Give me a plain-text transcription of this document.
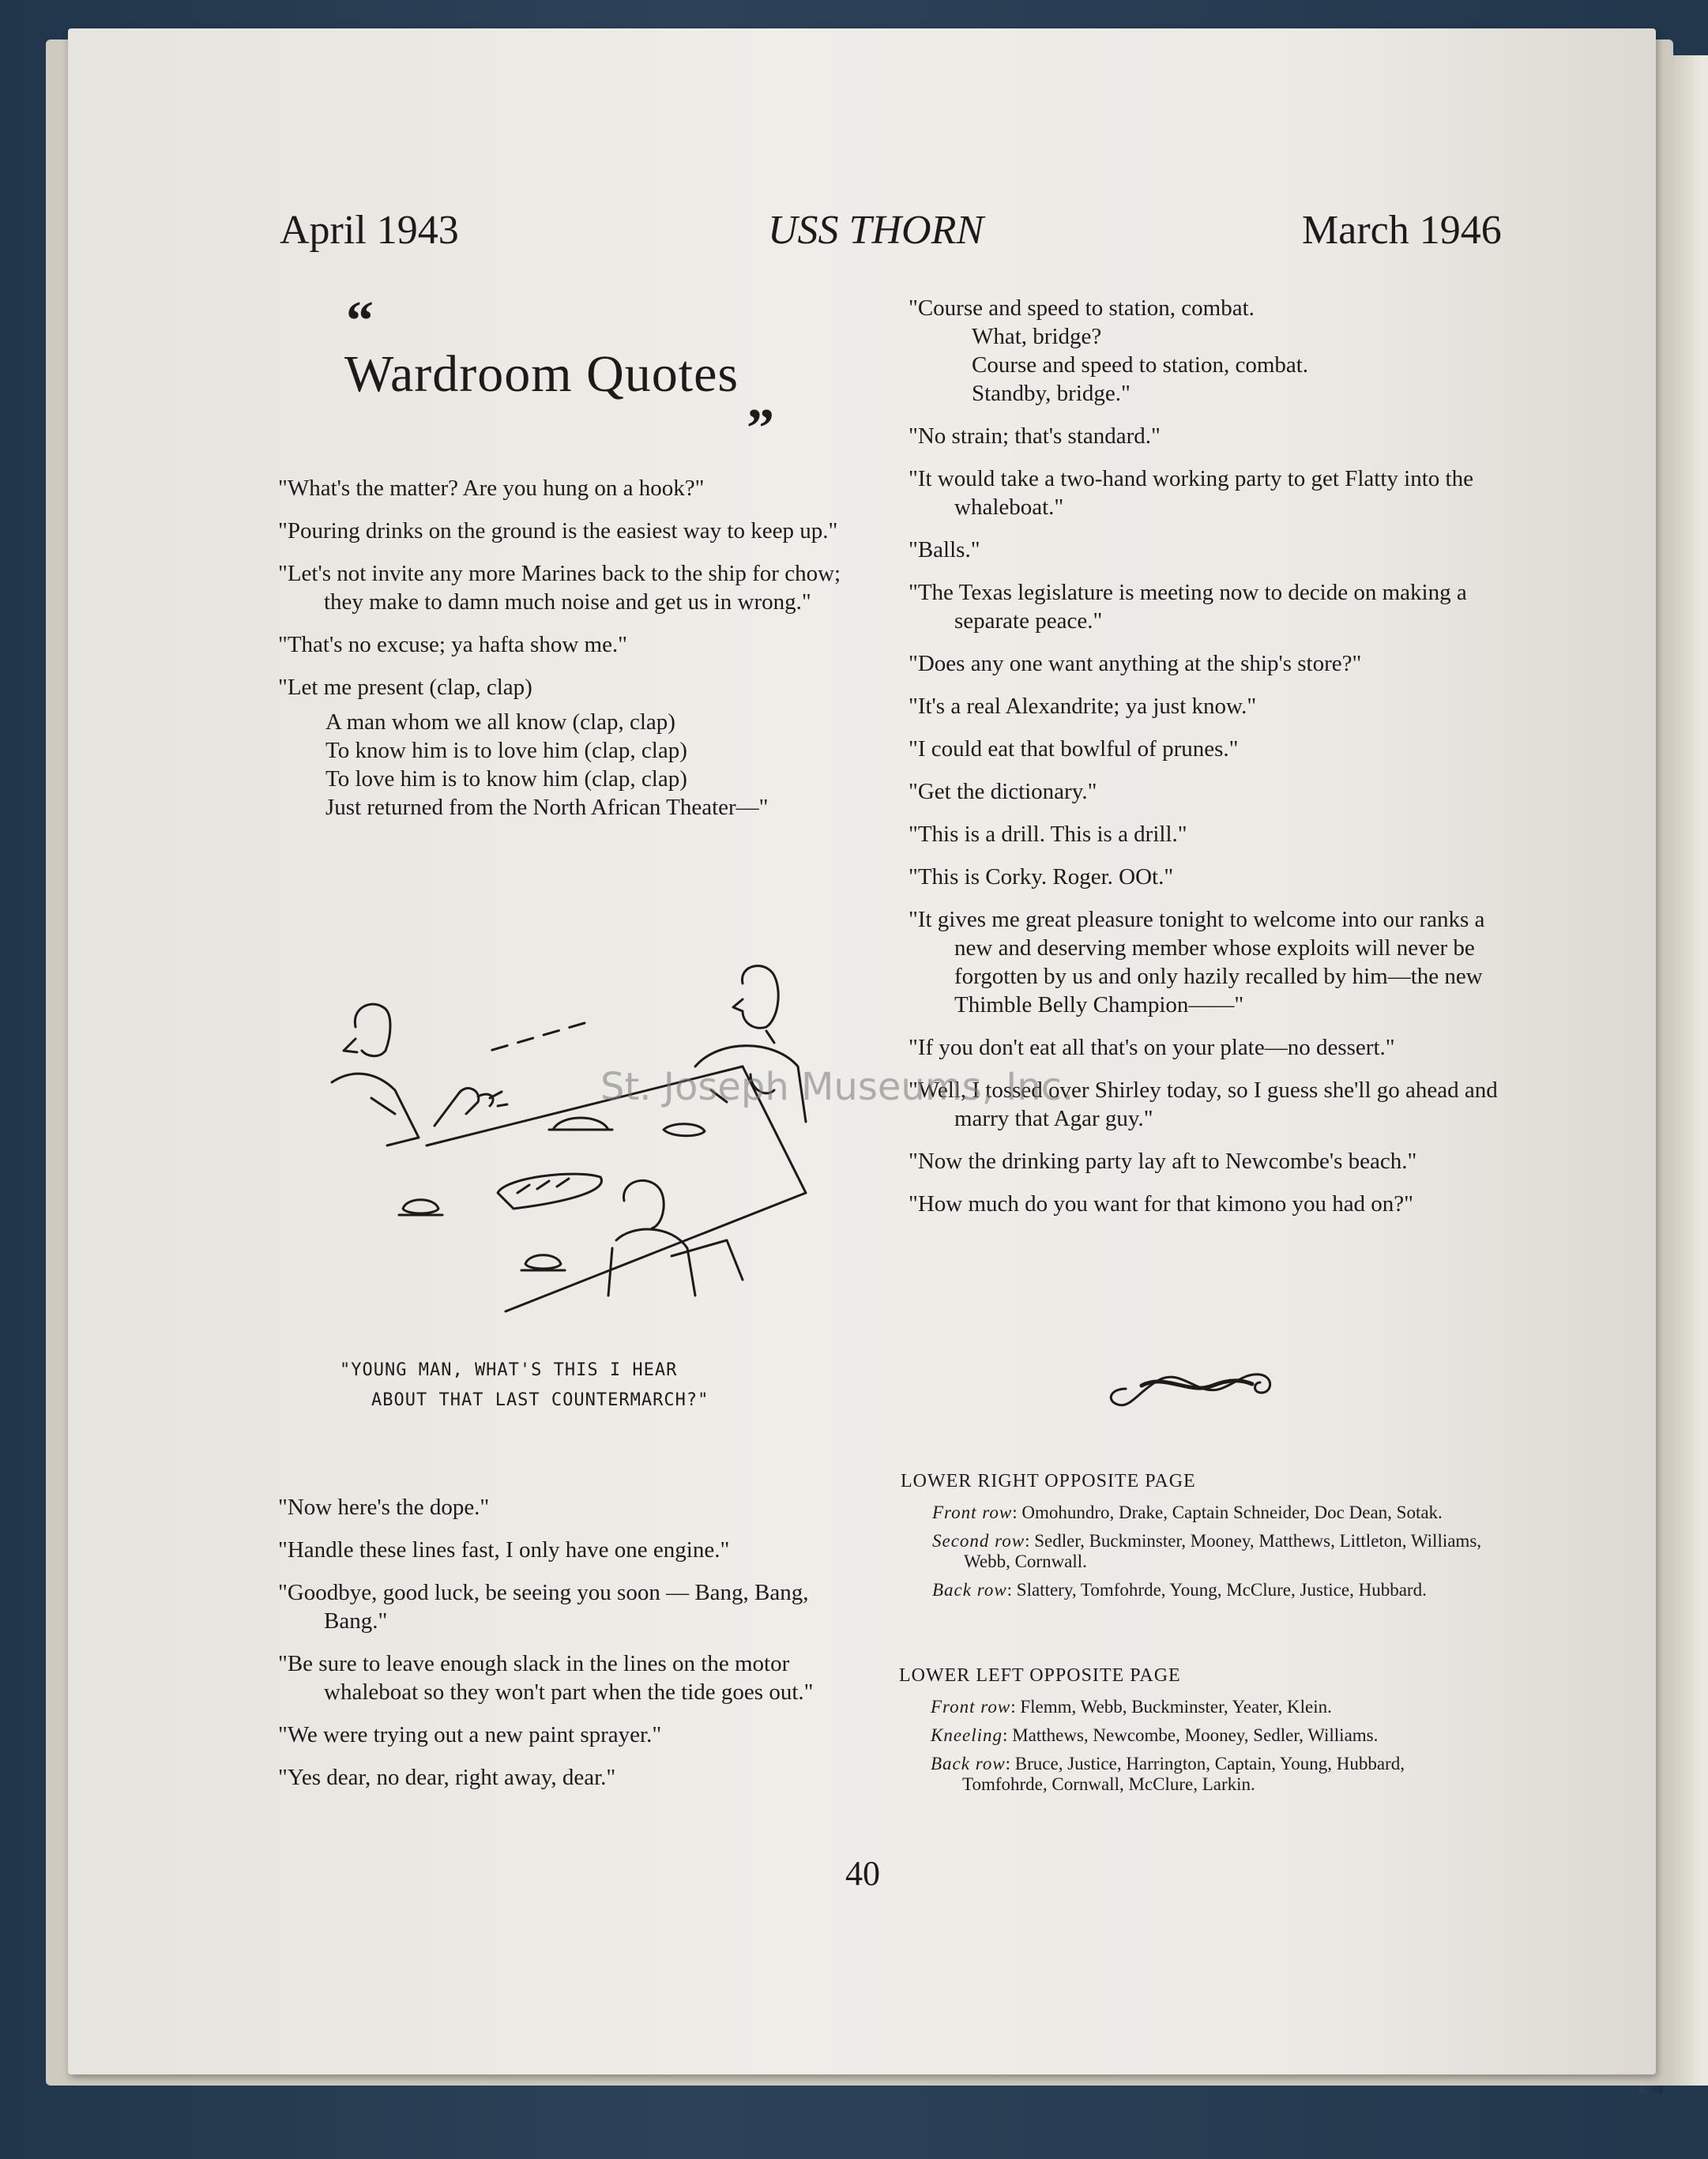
April 1943	USS THORN	March 1946
“
Wardroom Quotes
”

"What's the matter? Are you hung on a hook?"

"Pouring drinks on the ground is the easiest way to keep up."

"Let's not invite any more Marines back to the ship for chow; they make to damn much noise and get us in wrong."

"That's no excuse; ya hafta show me."

"Let me present (clap, clap)

A man whom we all know (clap, clap)
To know him is to love him (clap, clap)
To love him is to know him (clap, clap)
Just returned from the North African Theater—"
"YOUNG MAN, WHAT'S THIS I HEAR
ABOUT THAT LAST COUNTERMARCH?"

"Now here's the dope."

"Handle these lines fast, I only have one engine."

"Goodbye, good luck, be seeing you soon — Bang, Bang, Bang."

"Be sure to leave enough slack in the lines on the motor whaleboat so they won't part when the tide goes out."

"We were trying out a new paint sprayer."

"Yes dear, no dear, right away, dear."

"Course and speed to station, combat.
What, bridge?
Course and speed to station, combat.
Standby, bridge."

"No strain; that's standard."

"It would take a two-hand working party to get Flatty into the whaleboat."

"Balls."

"The Texas legislature is meeting now to decide on making a separate peace."

"Does any one want anything at the ship's store?"

"It's a real Alexandrite; ya just know."

"I could eat that bowlful of prunes."

"Get the dictionary."

"This is a drill. This is a drill."

"This is Corky. Roger. OOt."

"It gives me great pleasure tonight to welcome into our ranks a new and deserving member whose exploits will never be forgotten by us and only hazily recalled by him—the new Thimble Belly Champion——"

"If you don't eat all that's on your plate—no dessert."

"Well, I tossed over Shirley today, so I guess she'll go ahead and marry that Agar guy."

"Now the drinking party lay aft to Newcombe's beach."

"How much do you want for that kimono you had on?"

LOWER RIGHT OPPOSITE PAGE
Front row: Omohundro, Drake, Captain Schneider, Doc Dean, Sotak.
Second row: Sedler, Buckminster, Mooney, Matthews, Littleton, Williams, Webb, Cornwall.
Back row: Slattery, Tomfohrde, Young, McClure, Justice, Hubbard.
LOWER LEFT OPPOSITE PAGE
Front row: Flemm, Webb, Buckminster, Yeater, Klein.
Kneeling: Matthews, Newcombe, Mooney, Sedler, Williams.
Back row: Bruce, Justice, Harrington, Captain, Young, Hubbard, Tomfohrde, Cornwall, McClure, Larkin.
40
St. Joseph Museums, Inc.
